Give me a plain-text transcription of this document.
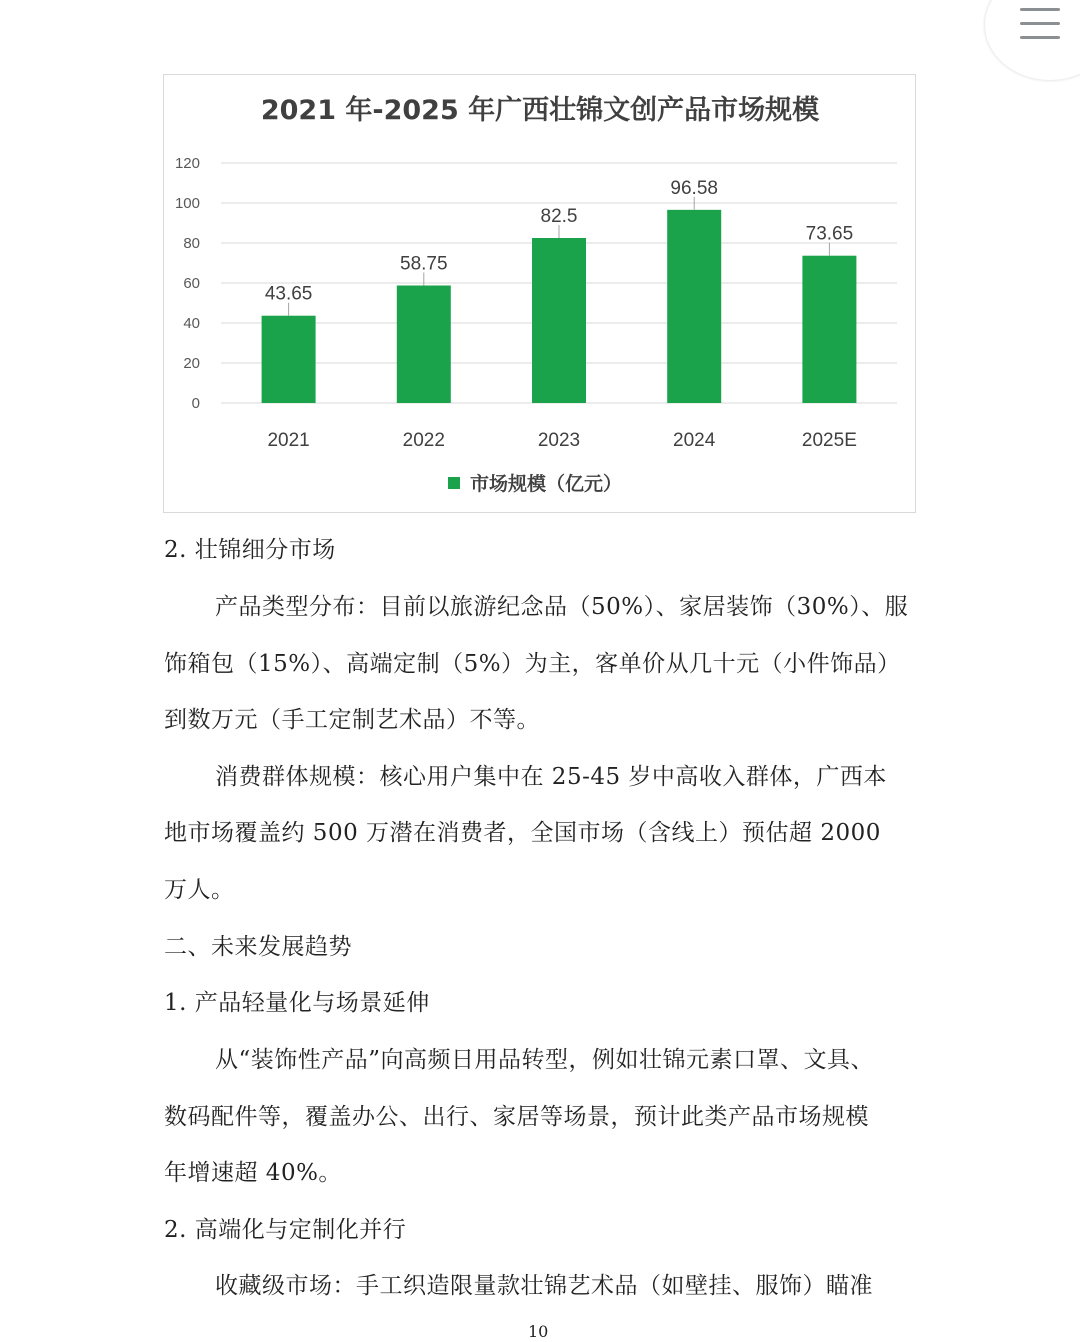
2021 年-2025 年广西壮锦文创产品市场规模
0
20
40
60
80
100
120
43.65
58.75
82.5
96.58
73.65
2021	2022	2023	2024	2025E
市场规模（亿元）

2. 壮锦细分市场

产品类型分布：目前以旅游纪念品（50%）、家居装饰（30%）、服

饰箱包（15%）、高端定制（5%）为主，客单价从几十元（小件饰品）

到数万元（手工定制艺术品）不等。

消费群体规模：核心用户集中在 25-45 岁中高收入群体，广西本

地市场覆盖约 500 万潜在消费者，全国市场（含线上）预估超 2000

万人。

二、未来发展趋势

1. 产品轻量化与场景延伸

从“装饰性产品”向高频日用品转型，例如壮锦元素口罩、文具、

数码配件等，覆盖办公、出行、家居等场景，预计此类产品市场规模

年增速超 40%。

2. 高端化与定制化并行

收藏级市场：手工织造限量款壮锦艺术品（如壁挂、服饰）瞄准

10
